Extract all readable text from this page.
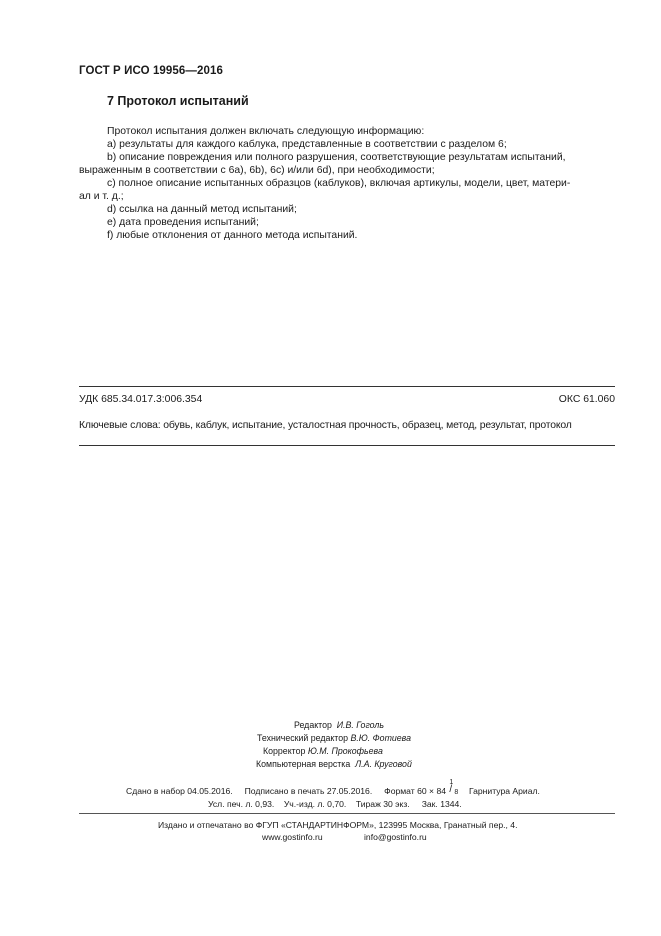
ГОСТ Р ИСО 19956—2016
7 Протокол испытаний
Протокол испытания должен включать следующую информацию:
a) результаты для каждого каблука, представленные в соответствии с разделом 6;
b) описание повреждения или полного разрушения, соответствующие результатам испытаний,
выраженным в соответствии с 6а), 6b), 6с) и/или 6d), при необходимости;
c) полное описание испытанных образцов (каблуков), включая артикулы, модели, цвет, матери-
ал и т. д.;
d) ссылка на данный метод испытаний;
e) дата проведения испытаний;
f) любые отклонения от данного метода испытаний.
УДК 685.34.017.3:006.354	ОКС 61.060
Ключевые слова: обувь, каблук, испытание, усталостная прочность, образец, метод, результат, протокол
Редактор И.В. Гоголь
Технический редактор В.Ю. Фотиева
Корректор Ю.М. Прокофьева
Компьютерная верстка Л.А. Круговой
Сдано в набор 04.05.2016. Подписано в печать 27.05.2016. Формат 60 × 84
1
/ 8 Гарнитура Ариал.
Усл. печ. л. 0,93. Уч.-изд. л. 0,70. Тираж 30 экз. Зак. 1344.
Издано и отпечатано во ФГУП «СТАНДАРТИНФОРМ», 123995 Москва, Гранатный пер., 4.
www.gostinfo.ru	info@gostinfo.ru
